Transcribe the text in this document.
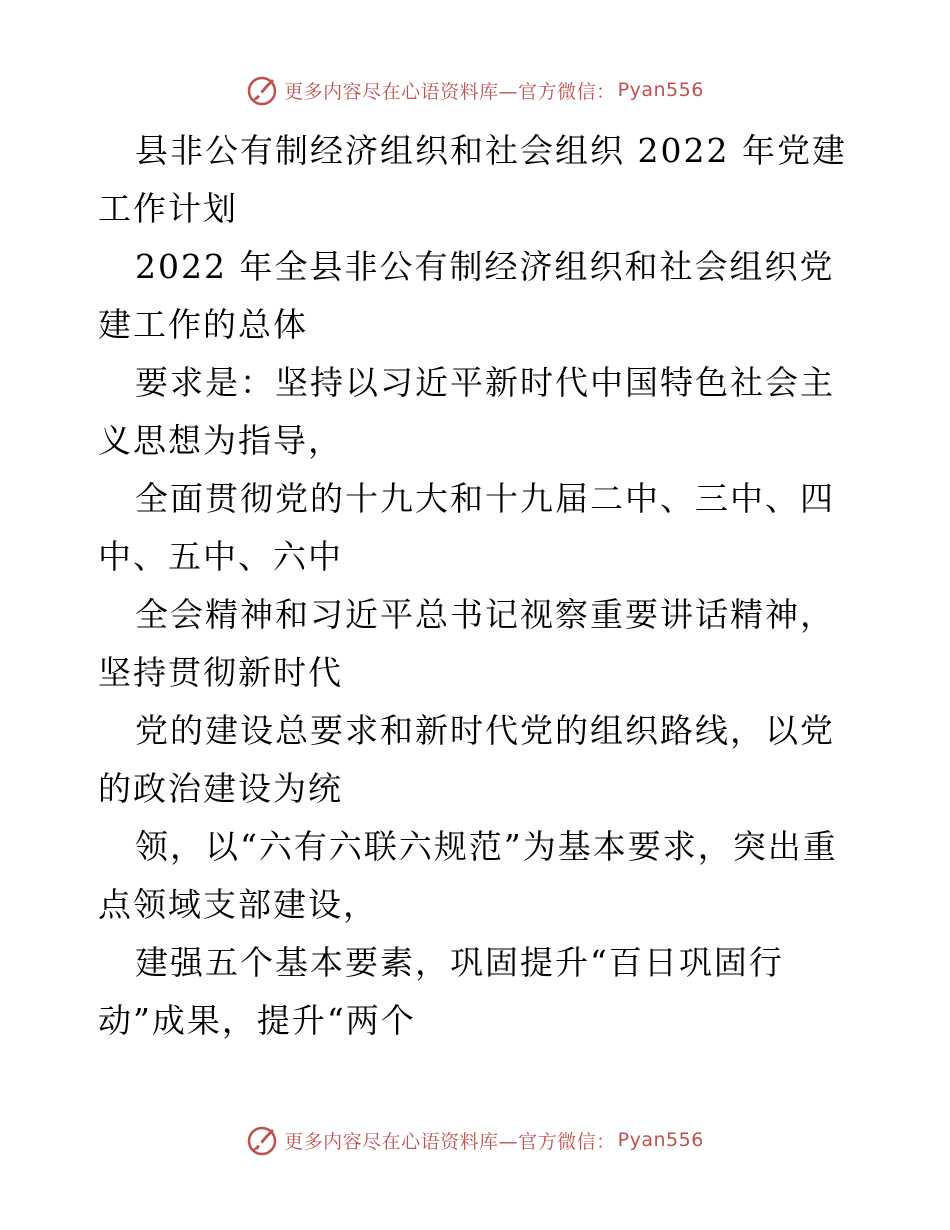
更多内容尽在心语资料库—官方微信： Pyan556

县非公有制经济组织和社会组织 2022 年党建工作计划

2022 年全县非公有制经济组织和社会组织党建工作的总体

要求是：坚持以习近平新时代中国特色社会主义思想为指导，

全面贯彻党的十九大和十九届二中、三中、四中、五中、六中

全会精神和习近平总书记视察重要讲话精神，坚持贯彻新时代

党的建设总要求和新时代党的组织路线，以党的政治建设为统

领，以“六有六联六规范”为基本要求，突出重点领域支部建设，

建强五个基本要素，巩固提升“百日巩固行动”成果，提升“两个

更多内容尽在心语资料库—官方微信： Pyan556
